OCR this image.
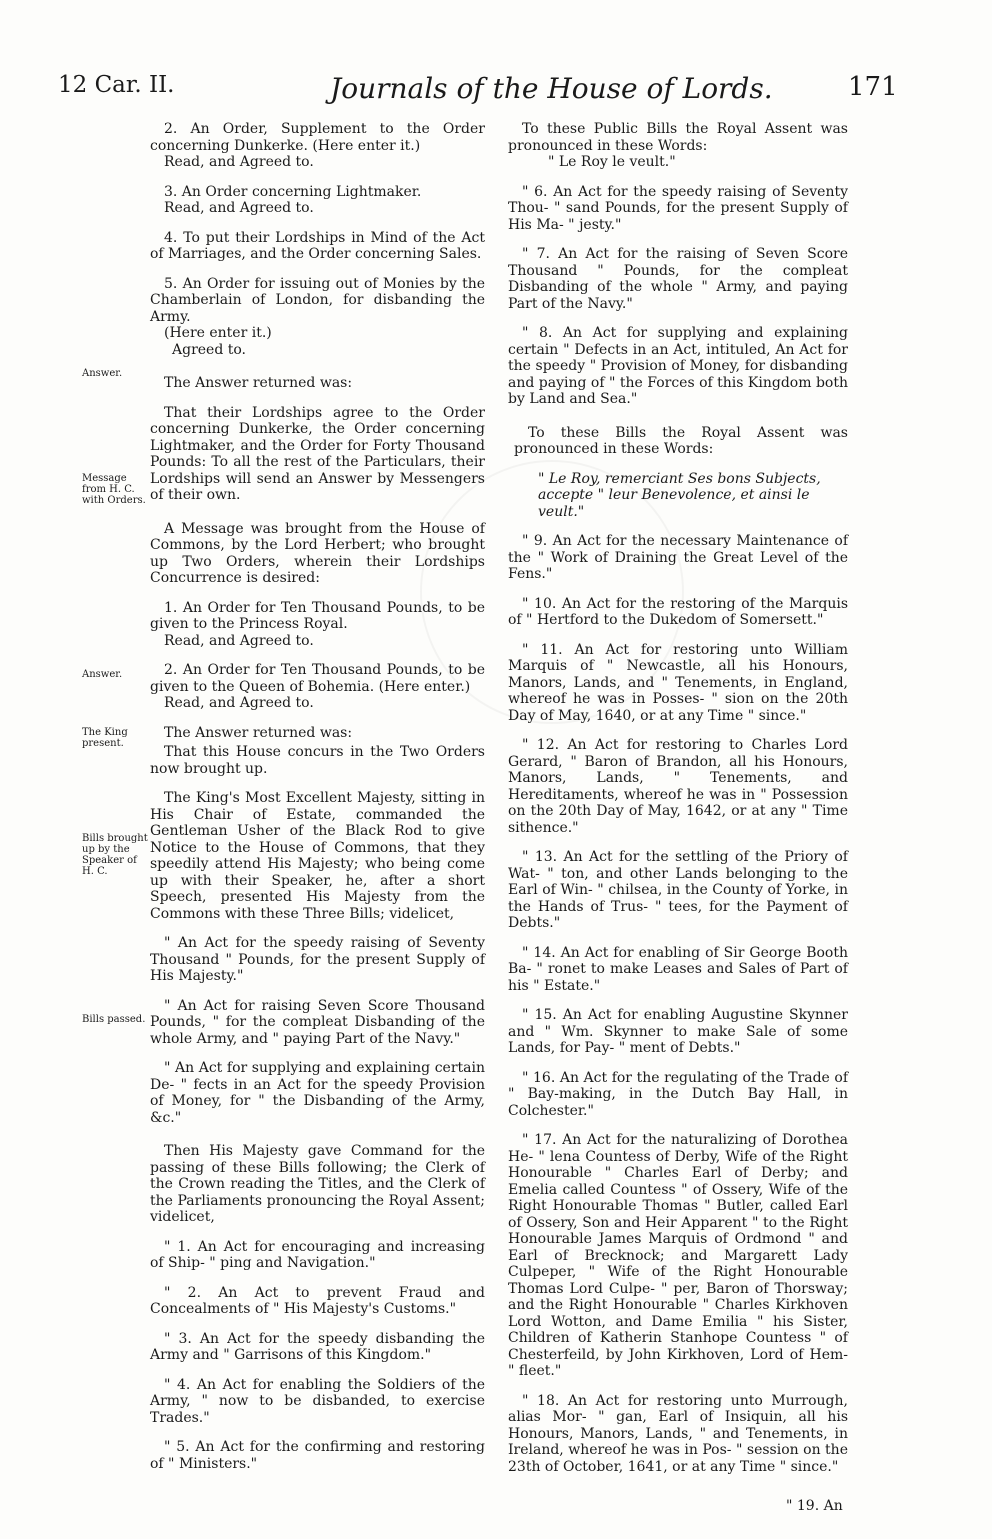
12 Car. II.	Journals of the House of Lords.	171
Answer.
Message from H. C. with Orders.
Answer.
The King present.
Bills brought up by the Speaker of H. C.
Bills passed.

2. An Order, Supplement to the Order concerning Dunkerke. (Here enter it.)

Read, and Agreed to.

3. An Order concerning Lightmaker.

Read, and Agreed to.

4. To put their Lordships in Mind of the Act of Marriages, and the Order concerning Sales.

5. An Order for issuing out of Monies by the Chamberlain of London, for disbanding the Army.

(Here enter it.)

Agreed to.

The Answer returned was:

That their Lordships agree to the Order concerning Dunkerke, the Order concerning Lightmaker, and the Order for Forty Thousand Pounds: To all the rest of the Particulars, their Lordships will send an Answer by Messengers of their own.

A Message was brought from the House of Commons, by the Lord Herbert; who brought up Two Orders, wherein their Lordships Concurrence is desired:

1. An Order for Ten Thousand Pounds, to be given to the Princess Royal.

Read, and Agreed to.

2. An Order for Ten Thousand Pounds, to be given to the Queen of Bohemia. (Here enter.)

Read, and Agreed to.

The Answer returned was:

That this House concurs in the Two Orders now brought up.

The King's Most Excellent Majesty, sitting in His Chair of Estate, commanded the Gentleman Usher of the Black Rod to give Notice to the House of Commons, that they speedily attend His Majesty; who being come up with their Speaker, he, after a short Speech, presented His Majesty from the Commons with these Three Bills; videlicet,

" An Act for the speedy raising of Seventy Thousand " Pounds, for the present Supply of His Majesty."

" An Act for raising Seven Score Thousand Pounds, " for the compleat Disbanding of the whole Army, and " paying Part of the Navy."

" An Act for supplying and explaining certain De- " fects in an Act for the speedy Provision of Money, for " the Disbanding of the Army, &c."

Then His Majesty gave Command for the passing of these Bills following; the Clerk of the Crown reading the Titles, and the Clerk of the Parliaments pronouncing the Royal Assent; videlicet,

" 1. An Act for encouraging and increasing of Ship- " ping and Navigation."

" 2. An Act to prevent Fraud and Concealments of " His Majesty's Customs."

" 3. An Act for the speedy disbanding the Army and " Garrisons of this Kingdom."

" 4. An Act for enabling the Soldiers of the Army, " now to be disbanded, to exercise Trades."

" 5. An Act for the confirming and restoring of " Ministers."

To these Public Bills the Royal Assent was pronounced in these Words:

" Le Roy le veult."

" 6. An Act for the speedy raising of Seventy Thou- " sand Pounds, for the present Supply of His Ma- " jesty."

" 7. An Act for the raising of Seven Score Thousand " Pounds, for the compleat Disbanding of the whole " Army, and paying Part of the Navy."

" 8. An Act for supplying and explaining certain " Defects in an Act, intituled, An Act for the speedy " Provision of Money, for disbanding and paying of " the Forces of this Kingdom both by Land and Sea."

To these Bills the Royal Assent was pronounced in these Words:

" Le Roy, remerciant Ses bons Subjects, accepte " leur Benevolence, et ainsi le veult."

" 9. An Act for the necessary Maintenance of the " Work of Draining the Great Level of the Fens."

" 10. An Act for the restoring of the Marquis of " Hertford to the Dukedom of Somersett."

" 11. An Act for restoring unto William Marquis of " Newcastle, all his Honours, Manors, Lands, and " Tenements, in England, whereof he was in Posses- " sion on the 20th Day of May, 1640, or at any Time " since."

" 12. An Act for restoring to Charles Lord Gerard, " Baron of Brandon, all his Honours, Manors, Lands, " Tenements, and Hereditaments, whereof he was in " Possession on the 20th Day of May, 1642, or at any " Time sithence."

" 13. An Act for the settling of the Priory of Wat- " ton, and other Lands belonging to the Earl of Win- " chilsea, in the County of Yorke, in the Hands of Trus- " tees, for the Payment of Debts."

" 14. An Act for enabling of Sir George Booth Ba- " ronet to make Leases and Sales of Part of his " Estate."

" 15. An Act for enabling Augustine Skynner and " Wm. Skynner to make Sale of some Lands, for Pay- " ment of Debts."

" 16. An Act for the regulating of the Trade of " Bay-making, in the Dutch Bay Hall, in Colchester."

" 17. An Act for the naturalizing of Dorothea He- " lena Countess of Derby, Wife of the Right Honourable " Charles Earl of Derby; and Emelia called Countess " of Ossery, Wife of the Right Honourable Thomas " Butler, called Earl of Ossery, Son and Heir Apparent " to the Right Honourable James Marquis of Ordmond " and Earl of Brecknock; and Margarett Lady Culpeper, " Wife of the Right Honourable Thomas Lord Culpe- " per, Baron of Thorsway; and the Right Honourable " Charles Kirkhoven Lord Wotton, and Dame Emilia " his Sister, Children of Katherin Stanhope Countess " of Chesterfeild, by John Kirkhoven, Lord of Hem- " fleet."

" 18. An Act for restoring unto Murrough, alias Mor- " gan, Earl of Insiquin, all his Honours, Manors, Lands, " and Tenements, in Ireland, whereof he was in Pos- " session on the 23th of October, 1641, or at any Time " since."

" 19. An
